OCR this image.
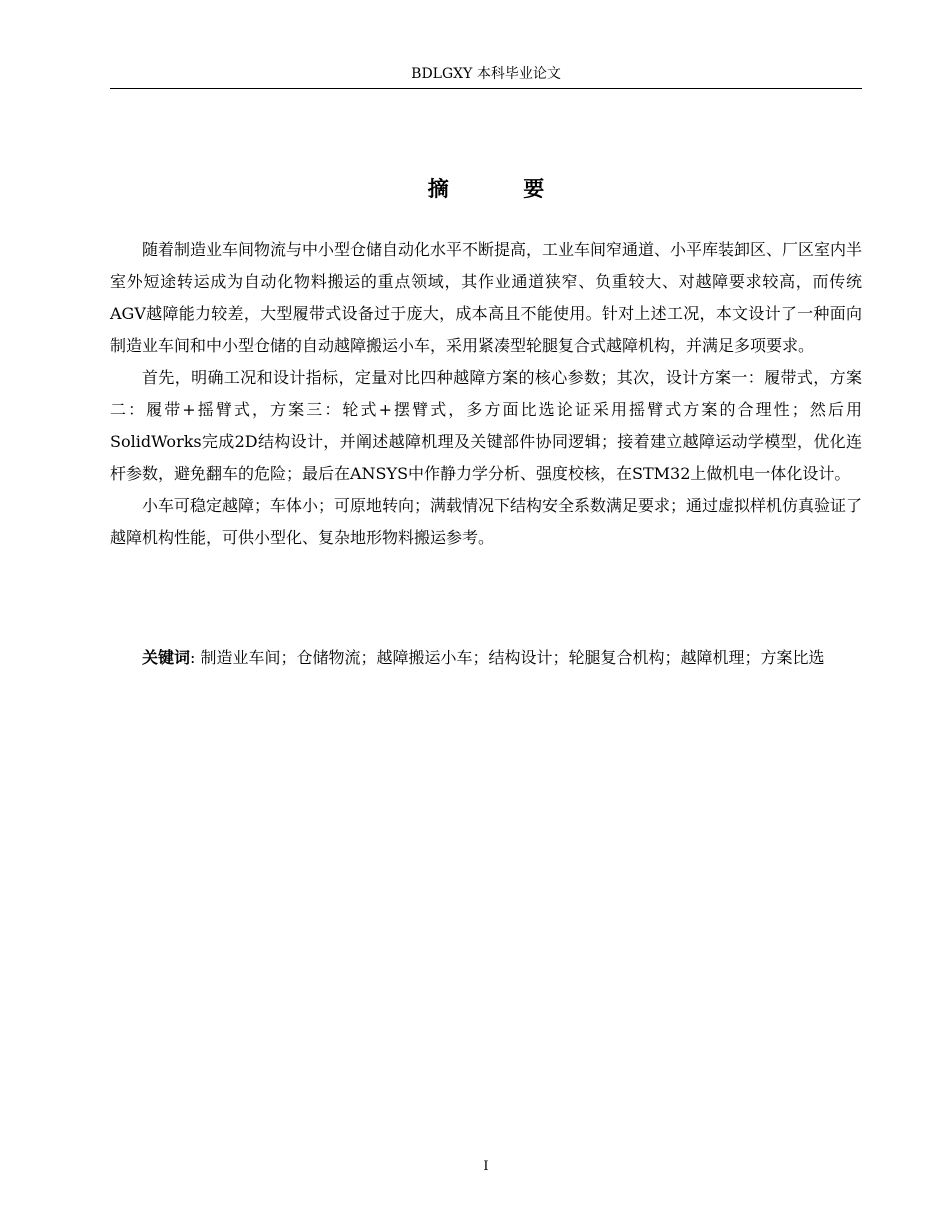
BDLGXY 本科毕业论文
摘 要

随着制造业车间物流与中小型仓储自动化水平不断提高，工业车间窄通道、小平库装卸区、厂区室内半室外短途转运成为自动化物料搬运的重点领域，其作业通道狭窄、负重较大、对越障要求较高，而传统AGV越障能力较差，大型履带式设备过于庞大，成本高且不能使用。针对上述工况，本文设计了一种面向制造业车间和中小型仓储的自动越障搬运小车，采用紧凑型轮腿复合式越障机构，并满足多项要求。

首先，明确工况和设计指标，定量对比四种越障方案的核心参数；其次，设计方案一：履带式，方案二：履带+摇臂式，方案三：轮式+摆臂式，多方面比选论证采用摇臂式方案的合理性；然后用SolidWorks完成2D结构设计，并阐述越障机理及关键部件协同逻辑；接着建立越障运动学模型，优化连杆参数，避免翻车的危险；最后在ANSYS中作静力学分析、强度校核，在STM32上做机电一体化设计。

小车可稳定越障；车体小；可原地转向；满载情况下结构安全系数满足要求；通过虚拟样机仿真验证了越障机构性能，可供小型化、复杂地形物料搬运参考。

关键词: 制造业车间；仓储物流；越障搬运小车；结构设计；轮腿复合机构；越障机理；方案比选

I
